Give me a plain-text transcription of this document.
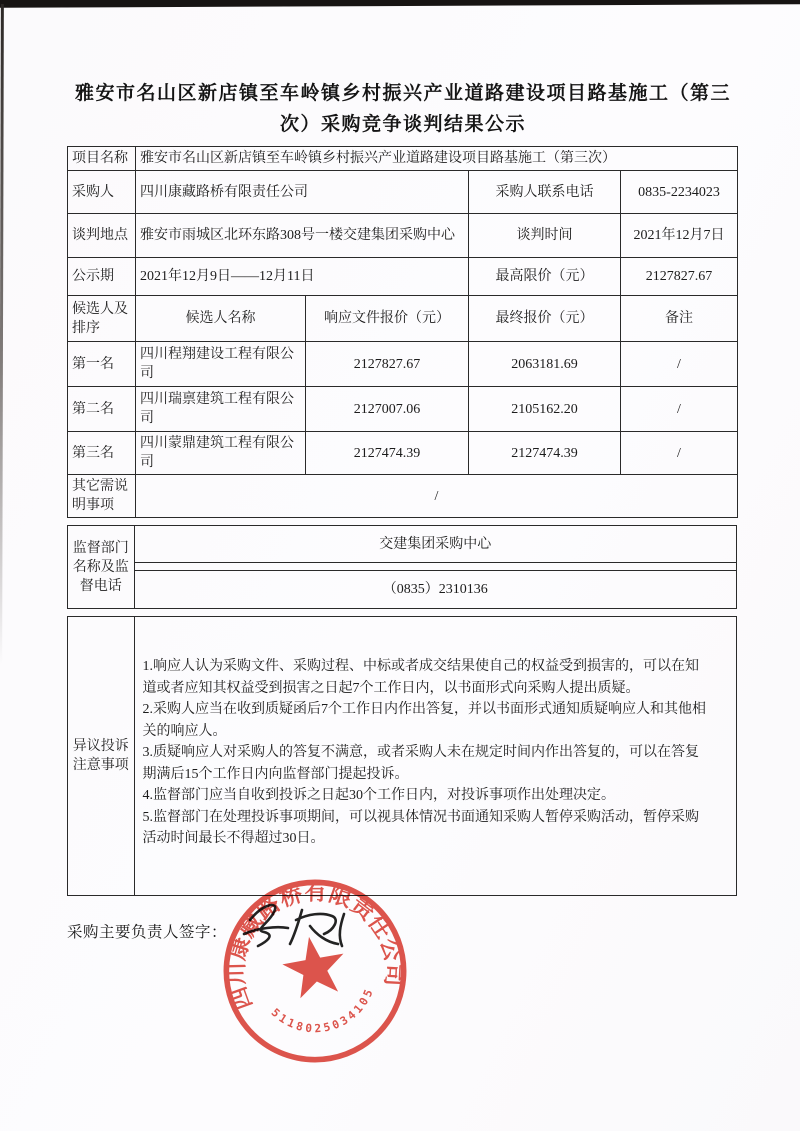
雅安市名山区新店镇至车岭镇乡村振兴产业道路建设项目路基施工（第三次）采购竞争谈判结果公示
项目名称	雅安市名山区新店镇至车岭镇乡村振兴产业道路建设项目路基施工（第三次）			
采购人	四川康藏路桥有限责任公司		采购人联系电话	0835-2234023
谈判地点	雅安市雨城区北环东路308号一楼交建集团采购中心		谈判时间	2021年12月7日
公示期	2021年12月9日——12月11日		最高限价（元）	2127827.67
候选人及排序	候选人名称	响应文件报价（元）	最终报价（元）	备注
第一名	四川程翔建设工程有限公司	2127827.67	2063181.69	/
第二名	四川瑞禀建筑工程有限公司	2127007.06	2105162.20	/
第三名	四川蒙鼎建筑工程有限公司	2127474.39	2127474.39	/
其它需说明事项	/			
监督部门名称及监督电话
交建集团采购中心
（0835）2310136
异议投诉注意事项

1.响应人认为采购文件、采购过程、中标或者成交结果使自己的权益受到损害的，可以在知道或者应知其权益受到损害之日起7个工作日内，以书面形式向采购人提出质疑。

2.采购人应当在收到质疑函后7个工作日内作出答复，并以书面形式通知质疑响应人和其他相关的响应人。

3.质疑响应人对采购人的答复不满意，或者采购人未在规定时间内作出答复的，可以在答复期满后15个工作日内向监督部门提起投诉。

4.监督部门应当自收到投诉之日起30个工作日内，对投诉事项作出处理决定。

5.监督部门在处理投诉事项期间，可以视具体情况书面通知采购人暂停采购活动，暂停采购活动时间最长不得超过30日。

采购主要负责人签字：
四川康藏路桥有限责任公司
5118025034105
